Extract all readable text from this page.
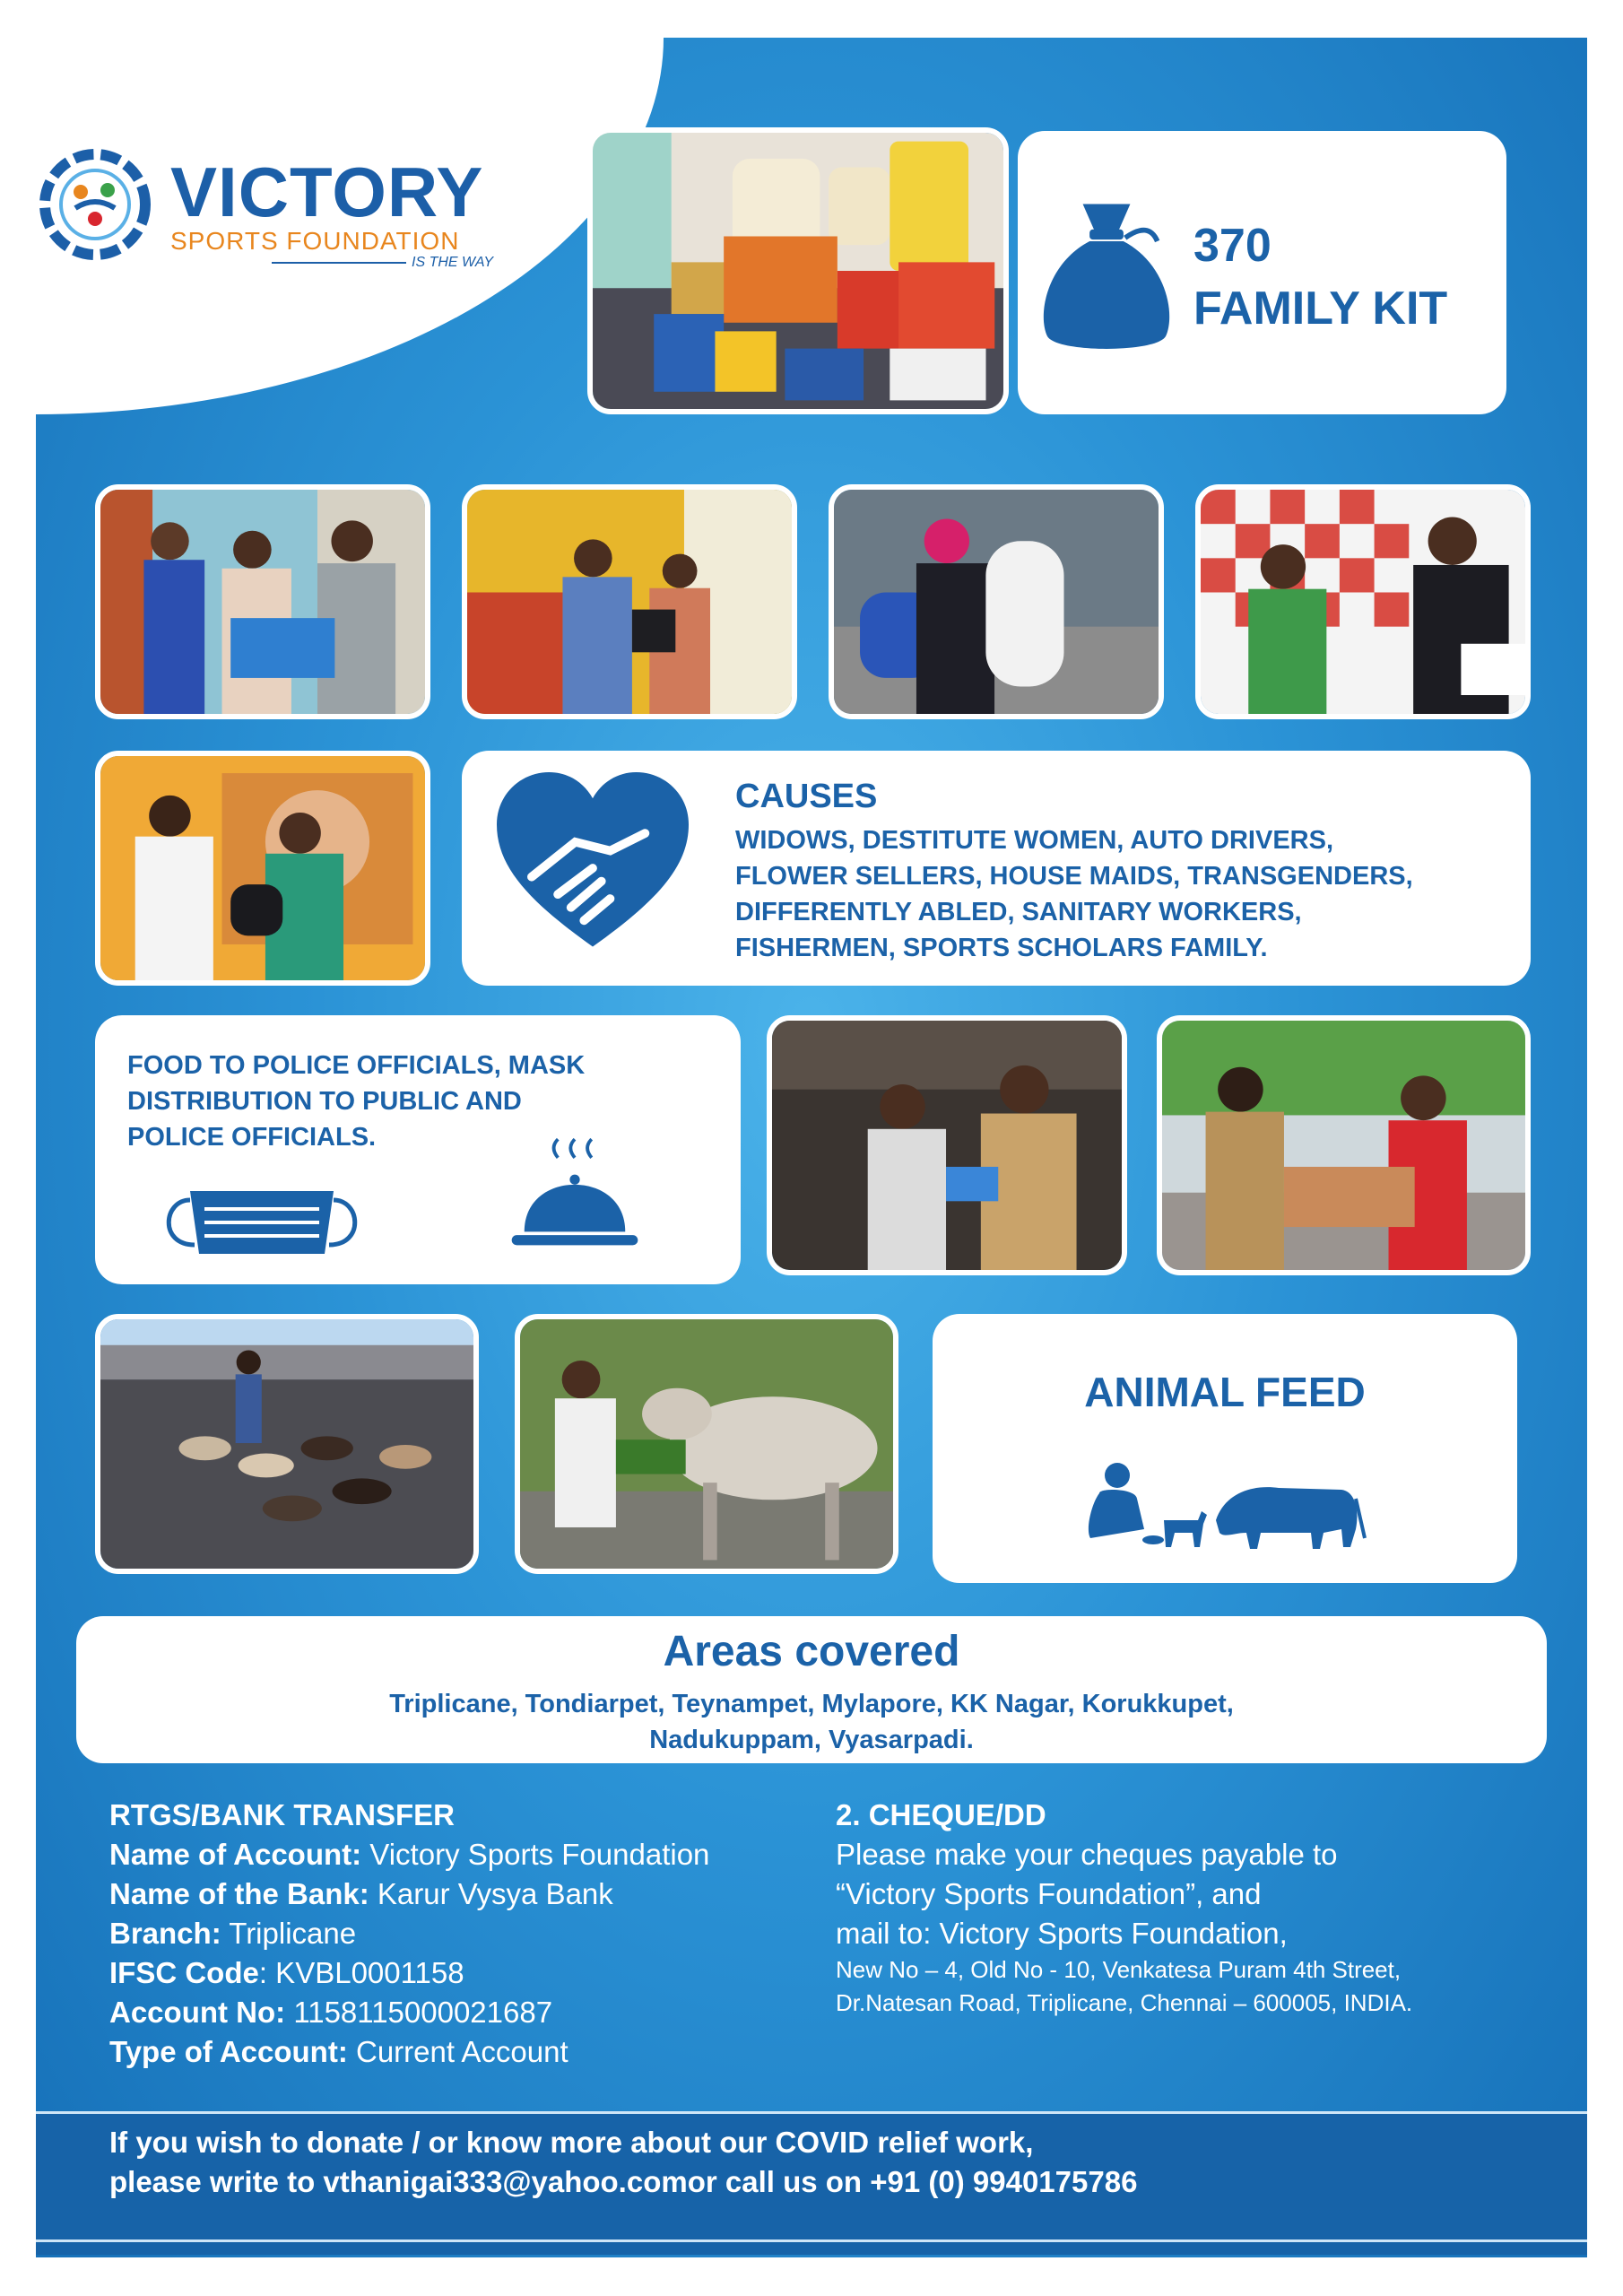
VICTORY
SPORTS FOUNDATION
IS THE WAY	370
FAMILY KIT
CAUSES
WIDOWS, DESTITUTE WOMEN, AUTO DRIVERS,
FLOWER SELLERS, HOUSE MAIDS, TRANSGENDERS,
DIFFERENTLY ABLED, SANITARY WORKERS,
FISHERMEN, SPORTS SCHOLARS FAMILY.
FOOD TO POLICE OFFICIALS, MASK
DISTRIBUTION TO PUBLIC AND
POLICE OFFICIALS.
ANIMAL FEED
Areas covered
Triplicane, Tondiarpet, Teynampet, Mylapore, KK Nagar, Korukkupet,
Nadukuppam, Vyasarpadi.
RTGS/BANK TRANSFER
Name of Account: Victory Sports Foundation
Name of the Bank: Karur Vysya Bank
Branch: Triplicane
IFSC Code: KVBL0001158
Account No: 1158115000021687
Type of Account: Current Account
2. CHEQUE/DD
Please make your cheques payable to
“Victory Sports Foundation”, and
mail to: Victory Sports Foundation,
New No – 4, Old No - 10, Venkatesa Puram 4th Street,
Dr.Natesan Road, Triplicane, Chennai – 600005, INDIA.
If you wish to donate / or know more about our COVID relief work,
please write to vthanigai333@yahoo.comor call us on +91 (0) 9940175786
